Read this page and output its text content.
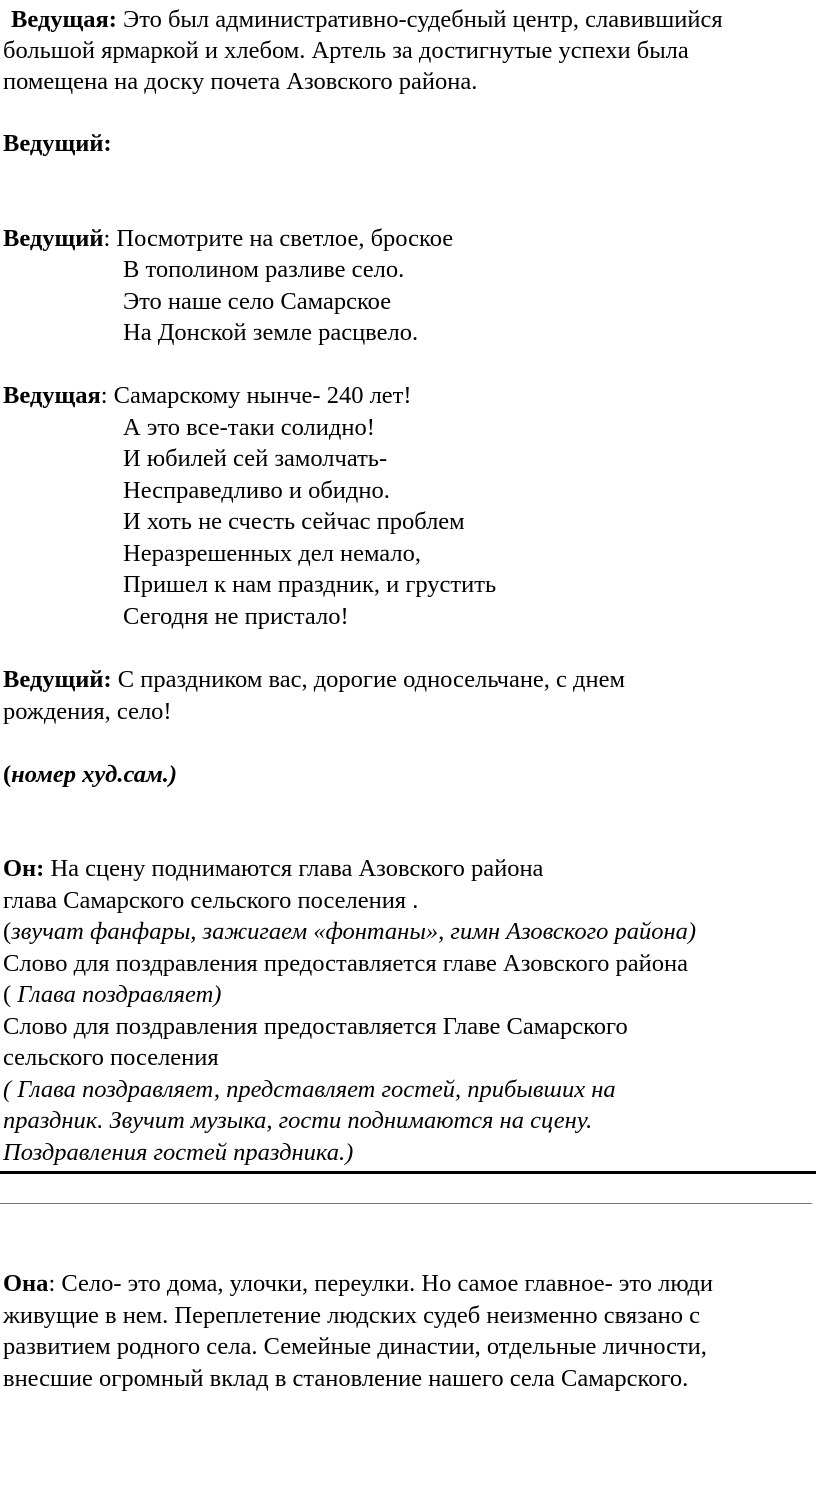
Ведущая: Это был административно-судебный центр, славившийся
большой ярмаркой и хлебом. Артель за достигнутые успехи была
помещена на доску почета Азовского района.
Ведущий:
Ведущий: Посмотрите на светлое, броское
В тополином разливе село.
Это наше село Самарское
На Донской земле расцвело.
Ведущая: Самарскому нынче- 240 лет!
А это все-таки солидно!
И юбилей сей замолчать-
Несправедливо и обидно.
И хоть не счесть сейчас проблем
Неразрешенных дел немало,
Пришел к нам праздник, и грустить
Сегодня не пристало!
Ведущий: С праздником вас, дорогие односельчане, с днем
рождения, село!
(номер худ.сам.)
Он: На сцену поднимаются глава Азовского района
глава Самарского сельского поселения .
(звучат фанфары, зажигаем «фонтаны», гимн Азовского района)
Слово для поздравления предоставляется главе Азовского района
( Глава поздравляет)
Слово для поздравления предоставляется Главе Самарского
сельского поселения
( Глава поздравляет, представляет гостей, прибывших на
праздник. Звучит музыка, гости поднимаются на сцену.
Поздравления гостей праздника.)
Она: Село- это дома, улочки, переулки. Но самое главное- это люди
живущие в нем. Переплетение людских судеб неизменно связано с
развитием родного села. Семейные династии, отдельные личности,
внесшие огромный вклад в становление нашего села Самарского.
